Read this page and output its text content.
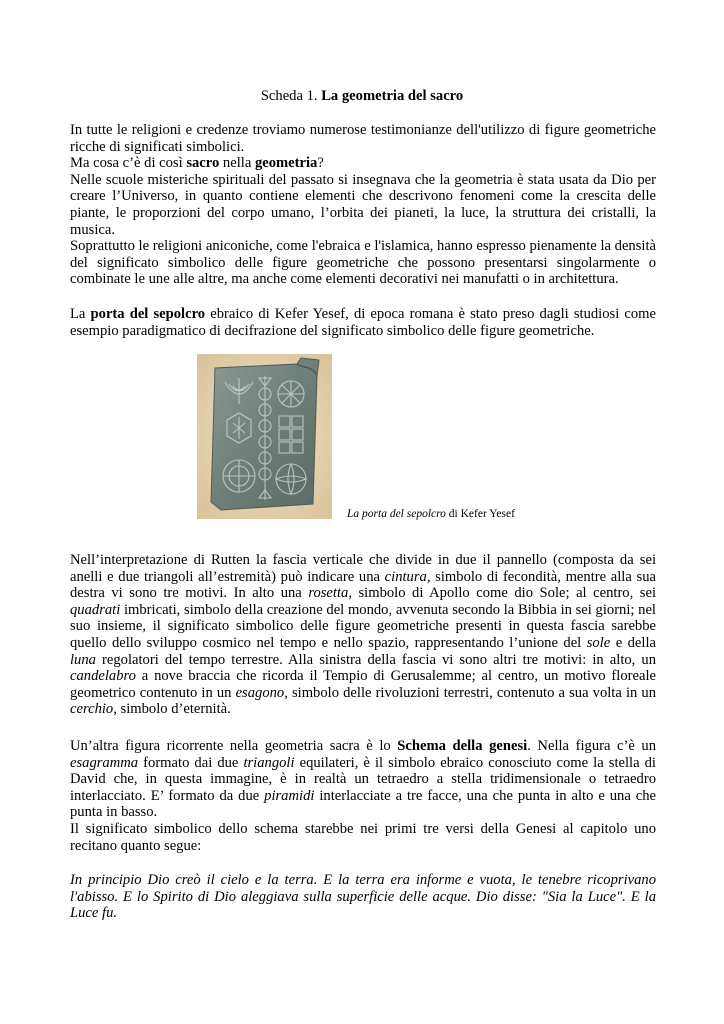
Scheda 1. La geometria del sacro
In tutte le religioni e credenze troviamo numerose testimonianze dell'utilizzo di figure geometriche ricche di significati simbolici.
Ma cosa c’è di così sacro nella geometria?
Nelle scuole misteriche spirituali del passato si insegnava che la geometria è stata usata da Dio per creare l’Universo, in quanto contiene elementi che descrivono fenomeni come la crescita delle piante, le proporzioni del corpo umano, l’orbita dei pianeti, la luce, la struttura dei cristalli, la musica.
Soprattutto le religioni aniconiche, come l'ebraica e l'islamica, hanno espresso pienamente la densità del significato simbolico delle figure geometriche che possono presentarsi singolarmente o combinate le une alle altre, ma anche come elementi decorativi nei manufatti o in architettura.
La porta del sepolcro ebraico di Kefer Yesef, di epoca romana è stato preso dagli studiosi come esempio paradigmatico di decifrazione del significato simbolico delle figure geometriche.
La porta del sepolcro di Kefer Yesef
Nell’interpretazione di Rutten la fascia verticale che divide in due il pannello (composta da sei anelli e due triangoli all’estremità) può indicare una cintura, simbolo di fecondità, mentre alla sua destra vi sono tre motivi. In alto una rosetta, simbolo di Apollo come dio Sole; al centro, sei quadrati imbricati, simbolo della creazione del mondo, avvenuta secondo la Bibbia in sei giorni; nel suo insieme, il significato simbolico delle figure geometriche presenti in questa fascia sarebbe quello dello sviluppo cosmico nel tempo e nello spazio, rappresentando l’unione del sole e della luna regolatori del tempo terrestre. Alla sinistra della fascia vi sono altri tre motivi: in alto, un candelabro a nove braccia che ricorda il Tempio di Gerusalemme; al centro, un motivo floreale geometrico contenuto in un esagono, simbolo delle rivoluzioni terrestri, contenuto a sua volta in un cerchio, simbolo d’eternità.
Un’altra figura ricorrente nella geometria sacra è lo Schema della genesi. Nella figura c’è un esagramma formato dai due triangoli equilateri, è il simbolo ebraico conosciuto come la stella di David che, in questa immagine, è in realtà un tetraedro a stella tridimensionale o tetraedro interlacciato. E’ formato da due piramidi interlacciate a tre facce, una che punta in alto e una che punta in basso.
Il significato simbolico dello schema starebbe nei primi tre versi della Genesi al capitolo uno recitano quanto segue:
In principio Dio creò il cielo e la terra. E la terra era informe e vuota, le tenebre ricoprivano l'abisso. E lo Spirito di Dio aleggiava sulla superficie delle acque. Dio disse: "Sia la Luce". E la Luce fu.
